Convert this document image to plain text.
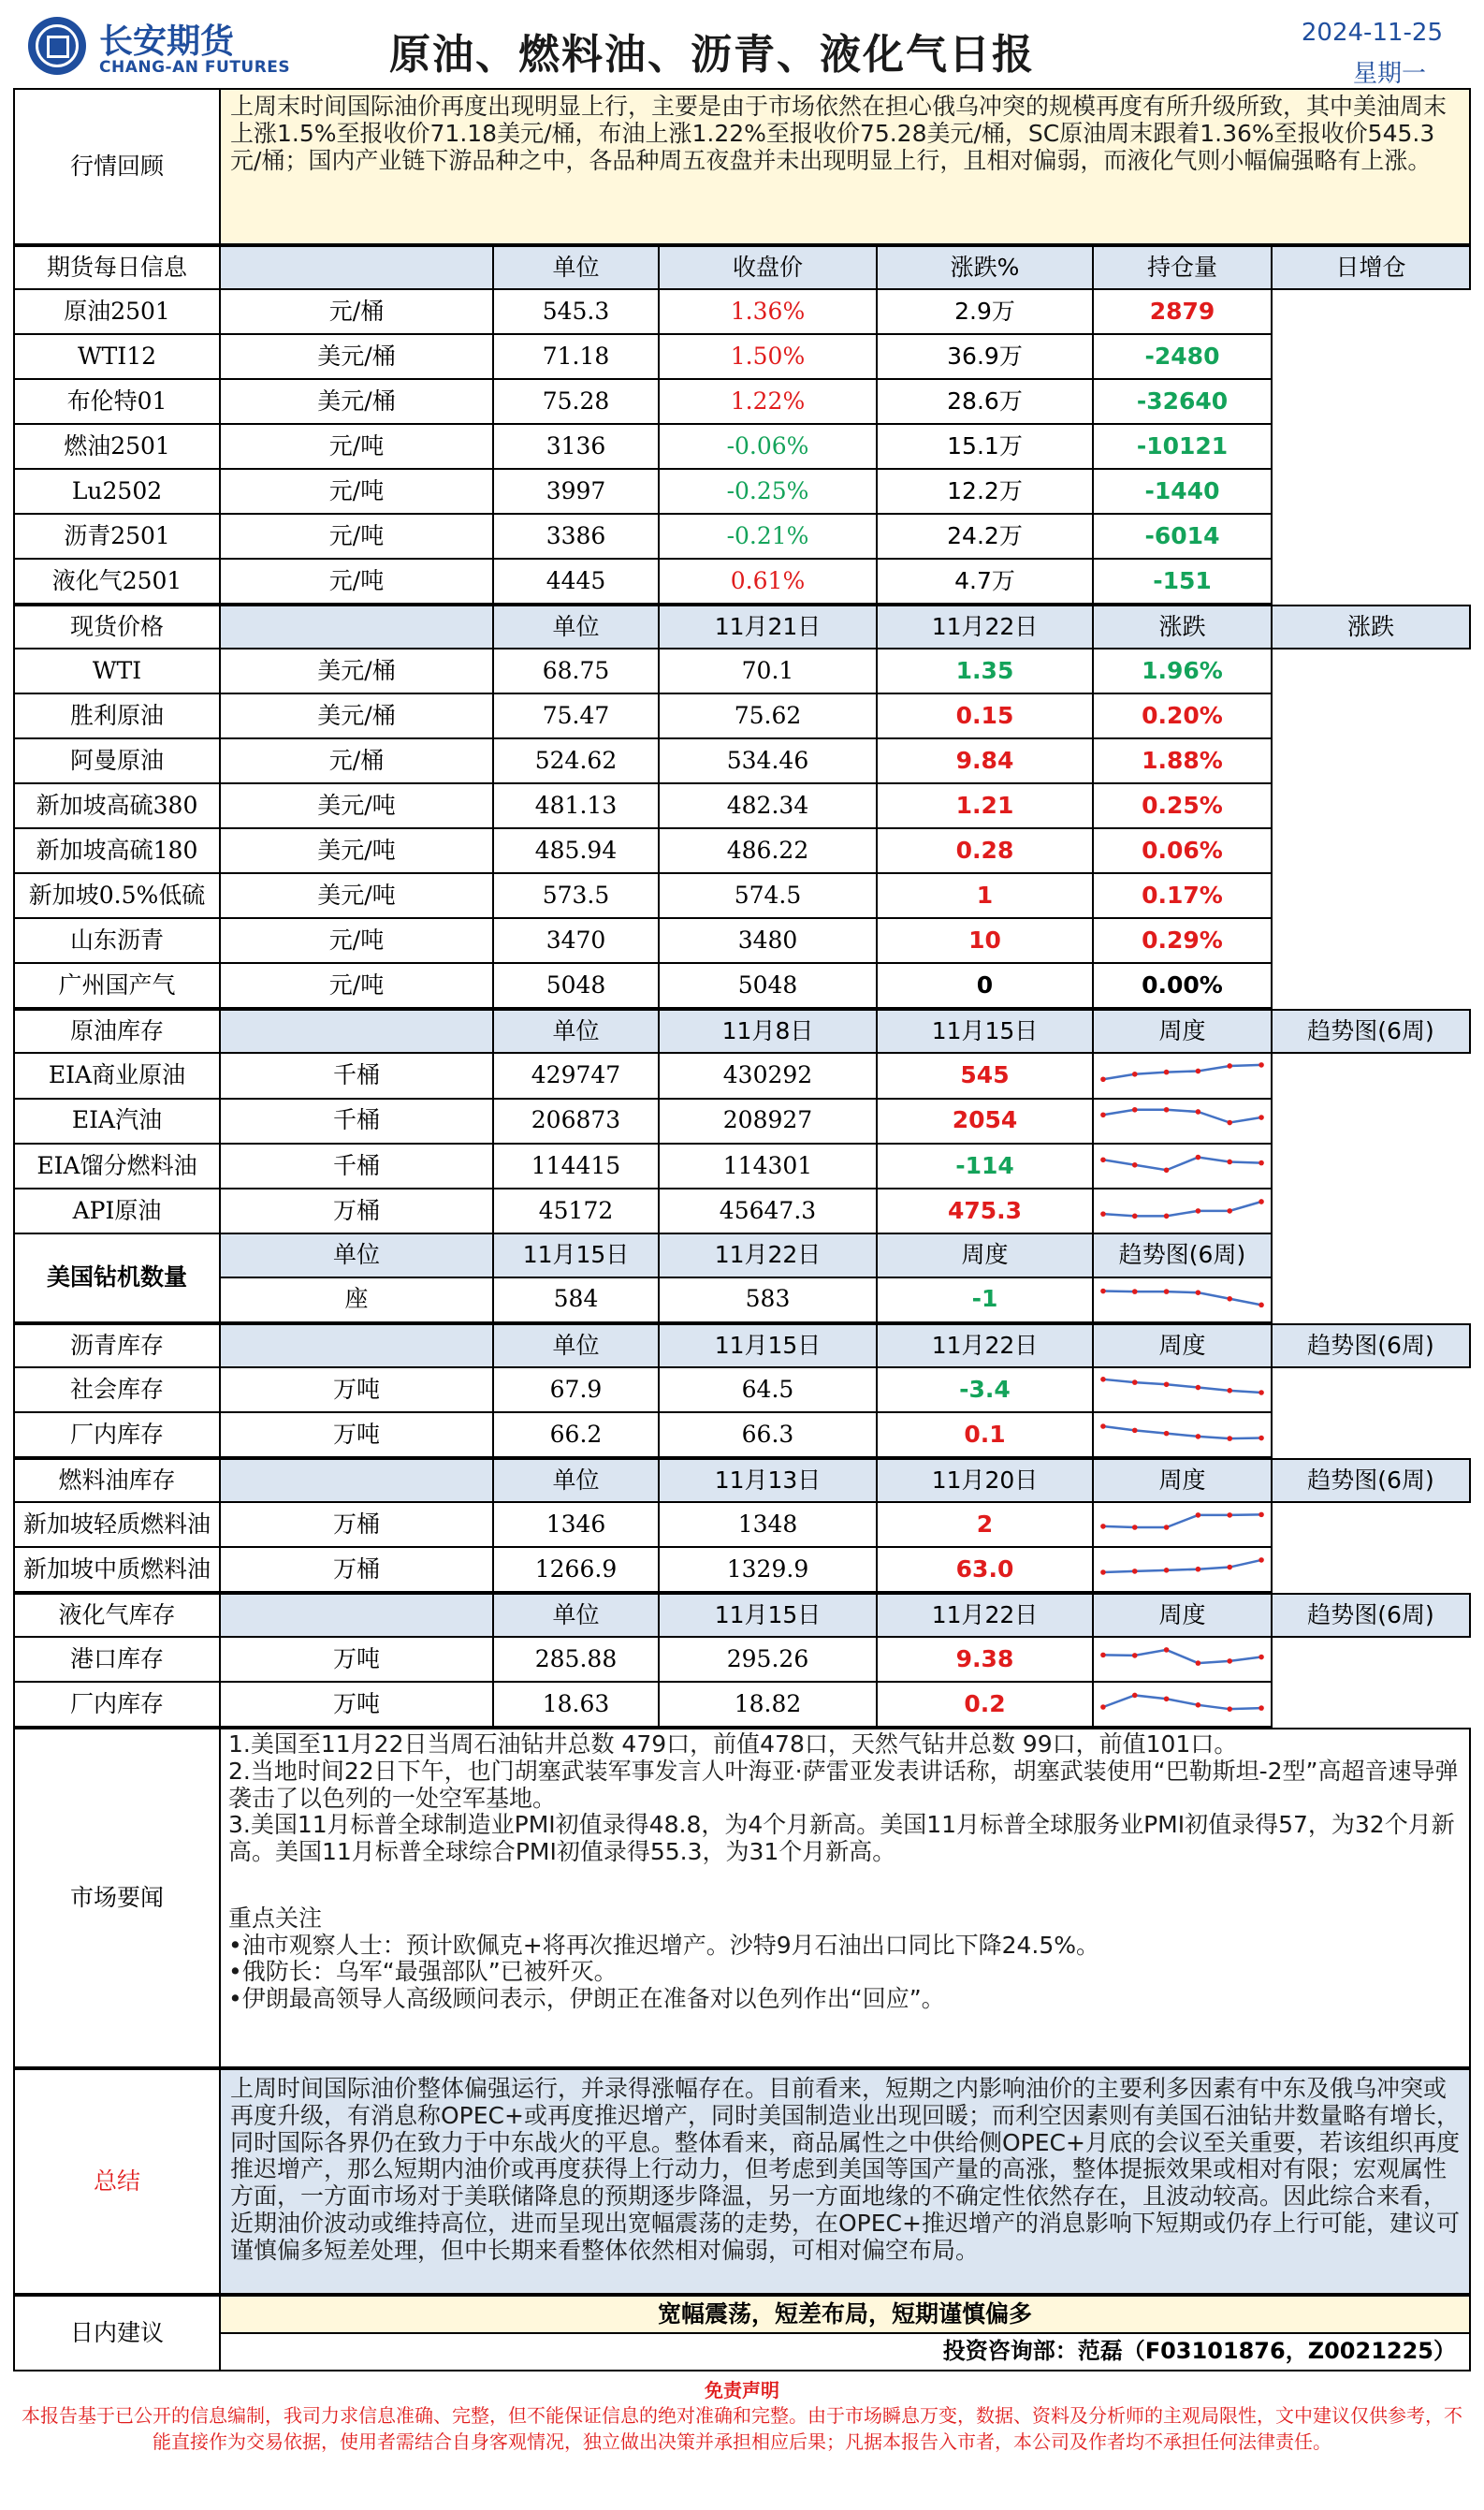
长安期货
CHANG-AN FUTURES 原油、燃料油、沥青、液化气日报	2024-11-25
星期一
行情回顾	上周末时间国际油价再度出现明显上行，主要是由于市场依然在担心俄乌冲突的规模再度有所升级所致，其中美油周末上涨1.5%至报收价71.18美元/桶，布油上涨1.22%至报收价75.28美元/桶，SC原油周末跟着1.36%至报收价545.3元/桶；国内产业链下游品种之中，各品种周五夜盘并未出现明显上行，且相对偏弱，而液化气则小幅偏强略有上涨。
期货每日信息		单位	收盘价	涨跌%	持仓量	日增仓
原油2501	元/桶	545.3	1.36%	2.9万	2879	
WTI12	美元/桶	71.18	1.50%	36.9万	-2480	
布伦特01	美元/桶	75.28	1.22%	28.6万	-32640	
燃油2501	元/吨	3136	-0.06%	15.1万	-10121	
Lu2502	元/吨	3997	-0.25%	12.2万	-1440	
沥青2501	元/吨	3386	-0.21%	24.2万	-6014	
液化气2501	元/吨	4445	0.61%	4.7万	-151	
现货价格		单位	11月21日	11月22日	涨跌	涨跌
WTI	美元/桶	68.75	70.1	1.35	1.96%	
胜利原油	美元/桶	75.47	75.62	0.15	0.20%	
阿曼原油	元/桶	524.62	534.46	9.84	1.88%	
新加坡高硫380	美元/吨	481.13	482.34	1.21	0.25%	
新加坡高硫180	美元/吨	485.94	486.22	0.28	0.06%	
新加坡0.5%低硫	美元/吨	573.5	574.5	1	0.17%	
山东沥青	元/吨	3470	3480	10	0.29%	
广州国产气	元/吨	5048	5048	0	0.00%	
原油库存		单位	11月8日	11月15日	周度	趋势图(6周)
EIA商业原油	千桶	429747	430292	545	

EIA汽油	千桶	206873	208927	2054	

EIA馏分燃料油	千桶	114415	114301	-114	

API原油	万桶	45172	45647.3	475.3	

美国钻机数量	单位	11月15日	11月22日	周度	趋势图(6周)	
	座	584	583	-1	
沥青库存		单位	11月15日	11月22日	周度	趋势图(6周)
社会库存	万吨	67.9	64.5	-3.4	

厂内库存	万吨	66.2	66.3	0.1	
燃料油库存		单位	11月13日	11月20日	周度	趋势图(6周)
新加坡轻质燃料油	万桶	1346	1348	2	

新加坡中质燃料油	万桶	1266.9	1329.9	63.0	
液化气库存		单位	11月15日	11月22日	周度	趋势图(6周)
港口库存	万吨	285.88	295.26	9.38	

厂内库存	万吨	18.63	18.82	0.2	
市场要闻	
1.美国至11月22日当周石油钻井总数 479口，前值478口，天然气钻井总数 99口，前值101口。
2.当地时间22日下午，也门胡塞武装军事发言人叶海亚·萨雷亚发表讲话称，胡塞武装使用“巴勒斯坦-2型”高超音速导弹袭击了以色列的一处空军基地。
3.美国11月标普全球制造业PMI初值录得48.8，为4个月新高。美国11月标普全球服务业PMI初值录得57，为32个月新高。美国11月标普全球综合PMI初值录得55.3，为31个月新高。
重点关注
•油市观察人士：预计欧佩克+将再次推迟增产。沙特9月石油出口同比下降24.5%。
•俄防长：乌军“最强部队”已被歼灭。
•伊朗最高领导人高级顾问表示，伊朗正在准备对以色列作出“回应”。
总结	上周时间国际油价整体偏强运行，并录得涨幅存在。目前看来，短期之内影响油价的主要利多因素有中东及俄乌冲突或再度升级，有消息称OPEC+或再度推迟增产，同时美国制造业出现回暖；而利空因素则有美国石油钻井数量略有增长，同时国际各界仍在致力于中东战火的平息。整体看来，商品属性之中供给侧OPEC+月底的会议至关重要，若该组织再度推迟增产，那么短期内油价或再度获得上行动力，但考虑到美国等国产量的高涨，整体提振效果或相对有限；宏观属性方面，一方面市场对于美联储降息的预期逐步降温，另一方面地缘的不确定性依然存在，且波动较高。因此综合来看，近期油价波动或维持高位，进而呈现出宽幅震荡的走势，在OPEC+推迟增产的消息影响下短期或仍存上行可能，建议可谨慎偏多短差处理，但中长期来看整体依然相对偏弱，可相对偏空布局。
日内建议	宽幅震荡，短差布局，短期谨慎偏多
投资咨询部：范磊（F03101876，Z0021225）
免责声明
本报告基于已公开的信息编制，我司力求信息准确、完整，但不能保证信息的绝对准确和完整。由于市场瞬息万变，数据、资料及分析师的主观局限性，文中建议仅供参考，不能直接作为交易依据，使用者需结合自身客观情况，独立做出决策并承担相应后果；凡据本报告入市者，本公司及作者均不承担任何法律责任。
